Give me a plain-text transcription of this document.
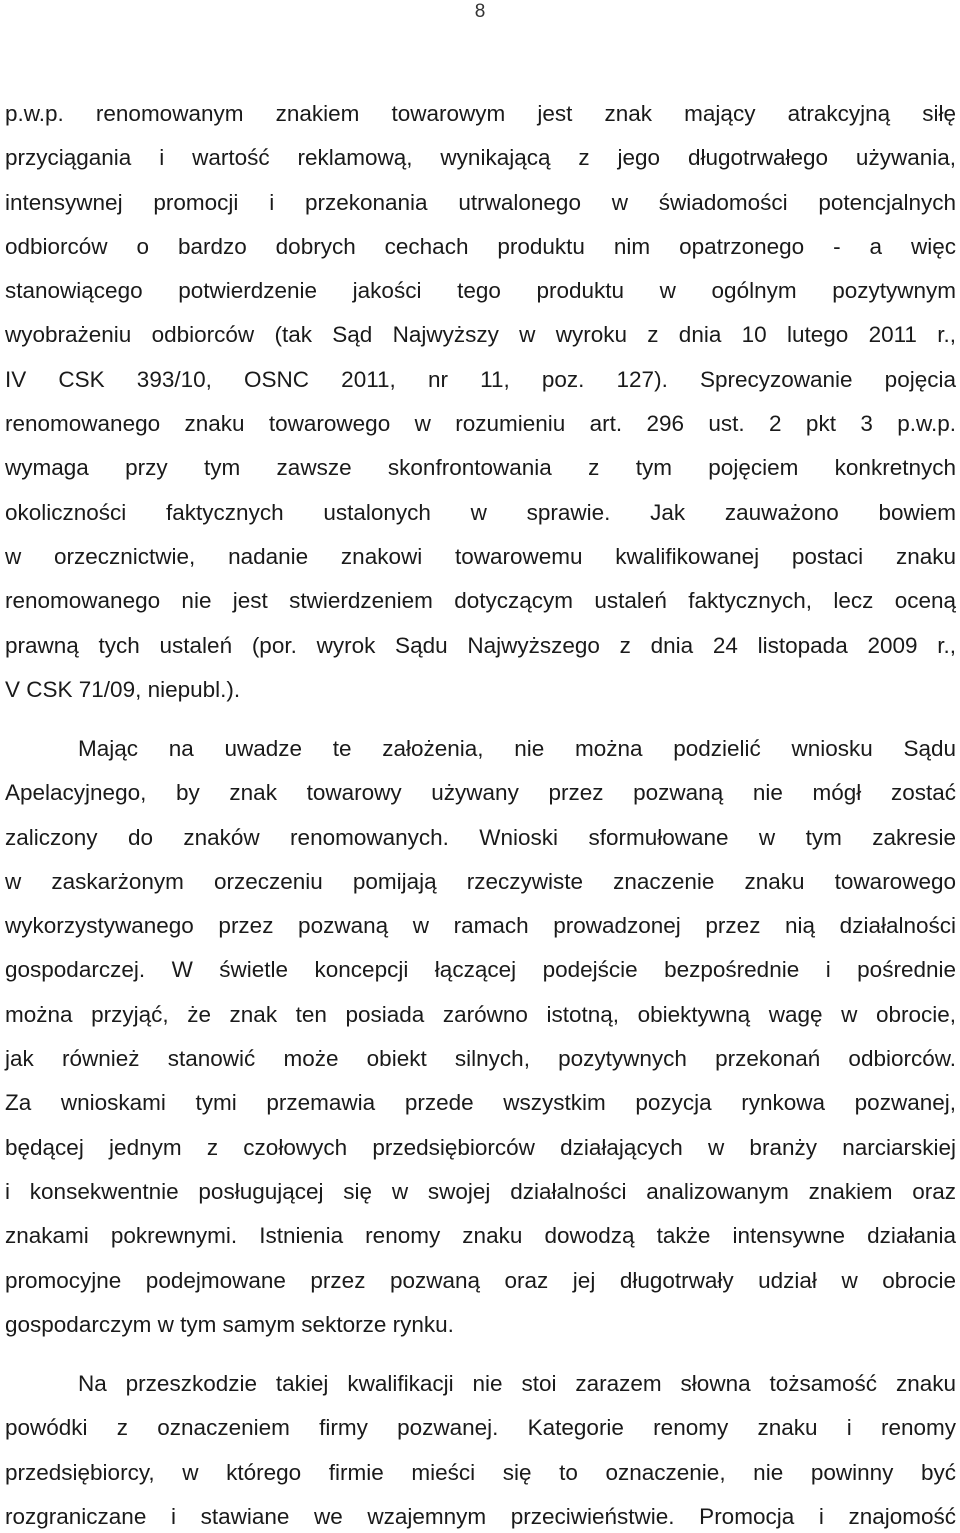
8
p.w.p. renomowanym znakiem towarowym jest znak mający atrakcyjną siłę
przyciągania i wartość reklamową, wynikającą z jego długotrwałego używania,
intensywnej promocji i przekonania utrwalonego w świadomości potencjalnych
odbiorców o bardzo dobrych cechach produktu nim opatrzonego - a więc
stanowiącego potwierdzenie jakości tego produktu w ogólnym pozytywnym
wyobrażeniu odbiorców (tak Sąd Najwyższy w wyroku z dnia 10 lutego 2011 r.,
IV CSK 393/10, OSNC 2011, nr 11, poz. 127). Sprecyzowanie pojęcia
renomowanego znaku towarowego w rozumieniu art. 296 ust. 2 pkt 3 p.w.p.
wymaga przy tym zawsze skonfrontowania z tym pojęciem konkretnych
okoliczności faktycznych ustalonych w sprawie. Jak zauważono bowiem
w orzecznictwie, nadanie znakowi towarowemu kwalifikowanej postaci znaku
renomowanego nie jest stwierdzeniem dotyczącym ustaleń faktycznych, lecz oceną
prawną tych ustaleń (por. wyrok Sądu Najwyższego z dnia 24 listopada 2009 r.,
V CSK 71/09, niepubl.).
Mając na uwadze te założenia, nie można podzielić wniosku Sądu
Apelacyjnego, by znak towarowy używany przez pozwaną nie mógł zostać
zaliczony do znaków renomowanych. Wnioski sformułowane w tym zakresie
w zaskarżonym orzeczeniu pomijają rzeczywiste znaczenie znaku towarowego
wykorzystywanego przez pozwaną w ramach prowadzonej przez nią działalności
gospodarczej. W świetle koncepcji łączącej podejście bezpośrednie i pośrednie
można przyjąć, że znak ten posiada zarówno istotną, obiektywną wagę w obrocie,
jak również stanowić może obiekt silnych, pozytywnych przekonań odbiorców.
Za wnioskami tymi przemawia przede wszystkim pozycja rynkowa pozwanej,
będącej jednym z czołowych przedsiębiorców działających w branży narciarskiej
i konsekwentnie posługującej się w swojej działalności analizowanym znakiem oraz
znakami pokrewnymi. Istnienia renomy znaku dowodzą także intensywne działania
promocyjne podejmowane przez pozwaną oraz jej długotrwały udział w obrocie
gospodarczym w tym samym sektorze rynku.
Na przeszkodzie takiej kwalifikacji nie stoi zarazem słowna tożsamość znaku
powódki z oznaczeniem firmy pozwanej. Kategorie renomy znaku i renomy
przedsiębiorcy, w którego firmie mieści się to oznaczenie, nie powinny być
rozgraniczane i stawiane we wzajemnym przeciwieństwie. Promocja i znajomość
